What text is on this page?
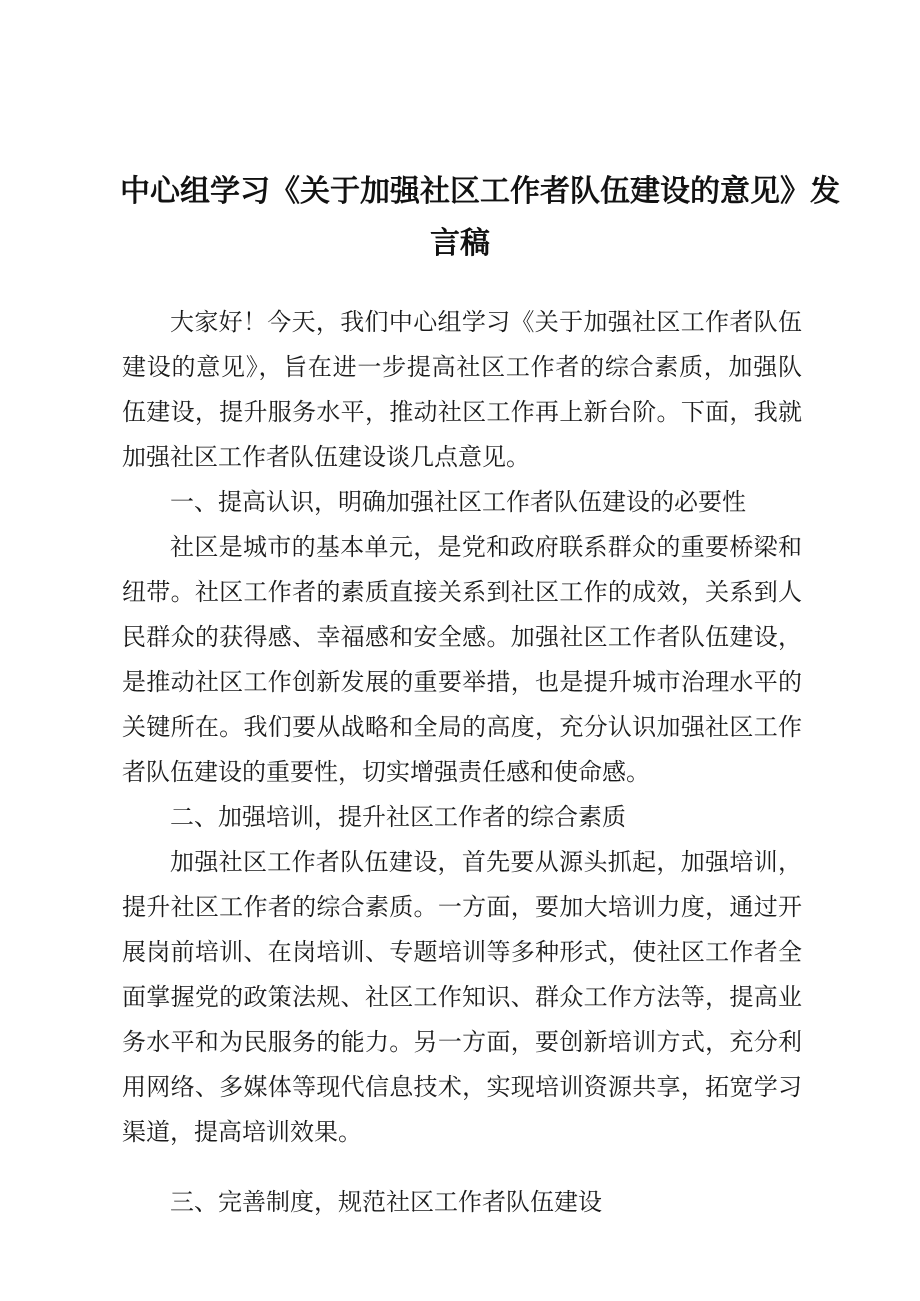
中心组学习《关于加强社区工作者队伍建设的意见》发
言稿

大家好！今天，我们中心组学习《关于加强社区工作者队伍建设的意见》，旨在进一步提高社区工作者的综合素质，加强队伍建设，提升服务水平，推动社区工作再上新台阶。下面，我就加强社区工作者队伍建设谈几点意见。

一、提高认识，明确加强社区工作者队伍建设的必要性

社区是城市的基本单元，是党和政府联系群众的重要桥梁和纽带。社区工作者的素质直接关系到社区工作的成效，关系到人民群众的获得感、幸福感和安全感。加强社区工作者队伍建设，是推动社区工作创新发展的重要举措，也是提升城市治理水平的关键所在。我们要从战略和全局的高度，充分认识加强社区工作者队伍建设的重要性，切实增强责任感和使命感。

二、加强培训，提升社区工作者的综合素质

加强社区工作者队伍建设，首先要从源头抓起，加强培训，提升社区工作者的综合素质。一方面，要加大培训力度，通过开展岗前培训、在岗培训、专题培训等多种形式，使社区工作者全面掌握党的政策法规、社区工作知识、群众工作方法等，提高业务水平和为民服务的能力。另一方面，要创新培训方式，充分利用网络、多媒体等现代信息技术，实现培训资源共享，拓宽学习渠道，提高培训效果。

三、完善制度，规范社区工作者队伍建设
